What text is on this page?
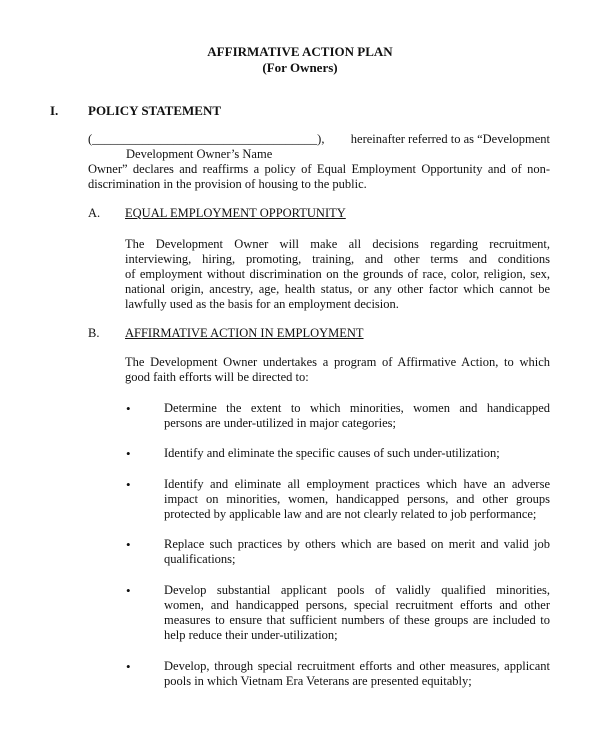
AFFIRMATIVE ACTION PLAN
(For Owners)
I. POLICY STATEMENT
(____________________________________), hereinafter referred to as “Development
Development Owner’s Name
Owner” declares and reaffirms a policy of Equal Employment Opportunity and of non-
discrimination in the provision of housing to the public.
A. EQUAL EMPLOYMENT OPPORTUNITY
The Development Owner will make all decisions regarding recruitment,
interviewing, hiring, promoting, training, and other terms and conditions
of employment without discrimination on the grounds of race, color, religion, sex,
national origin, ancestry, age, health status, or any other factor which cannot be
lawfully used as the basis for an employment decision.
B. AFFIRMATIVE ACTION IN EMPLOYMENT
The Development Owner undertakes a program of Affirmative Action, to which
good faith efforts will be directed to:
•	Determine the extent to which minorities, women and handicapped
persons are under-utilized in major categories;
•	Identify and eliminate the specific causes of such under-utilization;
•	Identify and eliminate all employment practices which have an adverse
impact on minorities, women, handicapped persons, and other groups
protected by applicable law and are not clearly related to job performance;
•	Replace such practices by others which are based on merit and valid job
qualifications;
•	Develop substantial applicant pools of validly qualified minorities,
women, and handicapped persons, special recruitment efforts and other
measures to ensure that sufficient numbers of these groups are included to
help reduce their under-utilization;
•	Develop, through special recruitment efforts and other measures, applicant
pools in which Vietnam Era Veterans are presented equitably;
